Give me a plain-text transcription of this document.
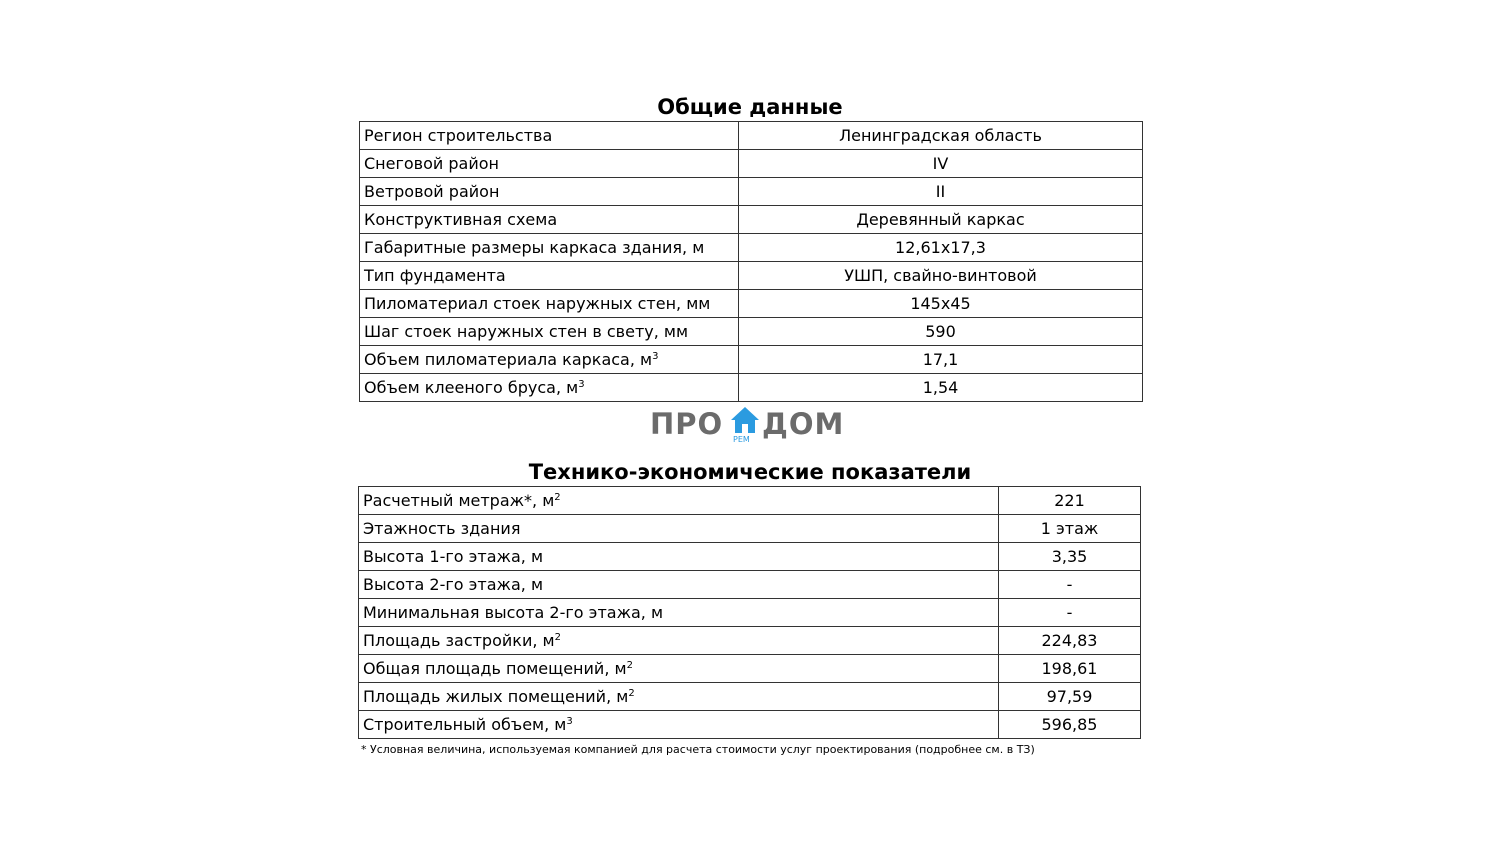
Общие данные
Регион строительства	Ленинградская область
Снеговой район	IV
Ветровой район	II
Конструктивная схема	Деревянный каркас
Габаритные размеры каркаса здания, м	12,61х17,3
Тип фундамента	УШП, свайно-винтовой
Пиломатериал стоек наружных стен, мм	145х45
Шаг стоек наружных стен в свету, мм	590
Объем пиломатериала каркаса, $м^3$	17,1
Объем клееного бруса, $м^3$	1,54
ПРО РЕМ ДОМ
Технико-экономические показатели
Расчетный метраж*, $м^2$	221
Этажность здания	1 этаж
Высота 1-го этажа, м	3,35
Высота 2-го этажа, м	-
Минимальная высота 2-го этажа, м	-
Площадь застройки, $м^2$	224,83
Общая площадь помещений, $м^2$	198,61
Площадь жилых помещений, $м^2$	97,59
Строительный объем, $м^3$	596,85
* Условная величина, используемая компанией для расчета стоимости услуг проектирования (подробнее см. в ТЗ)
